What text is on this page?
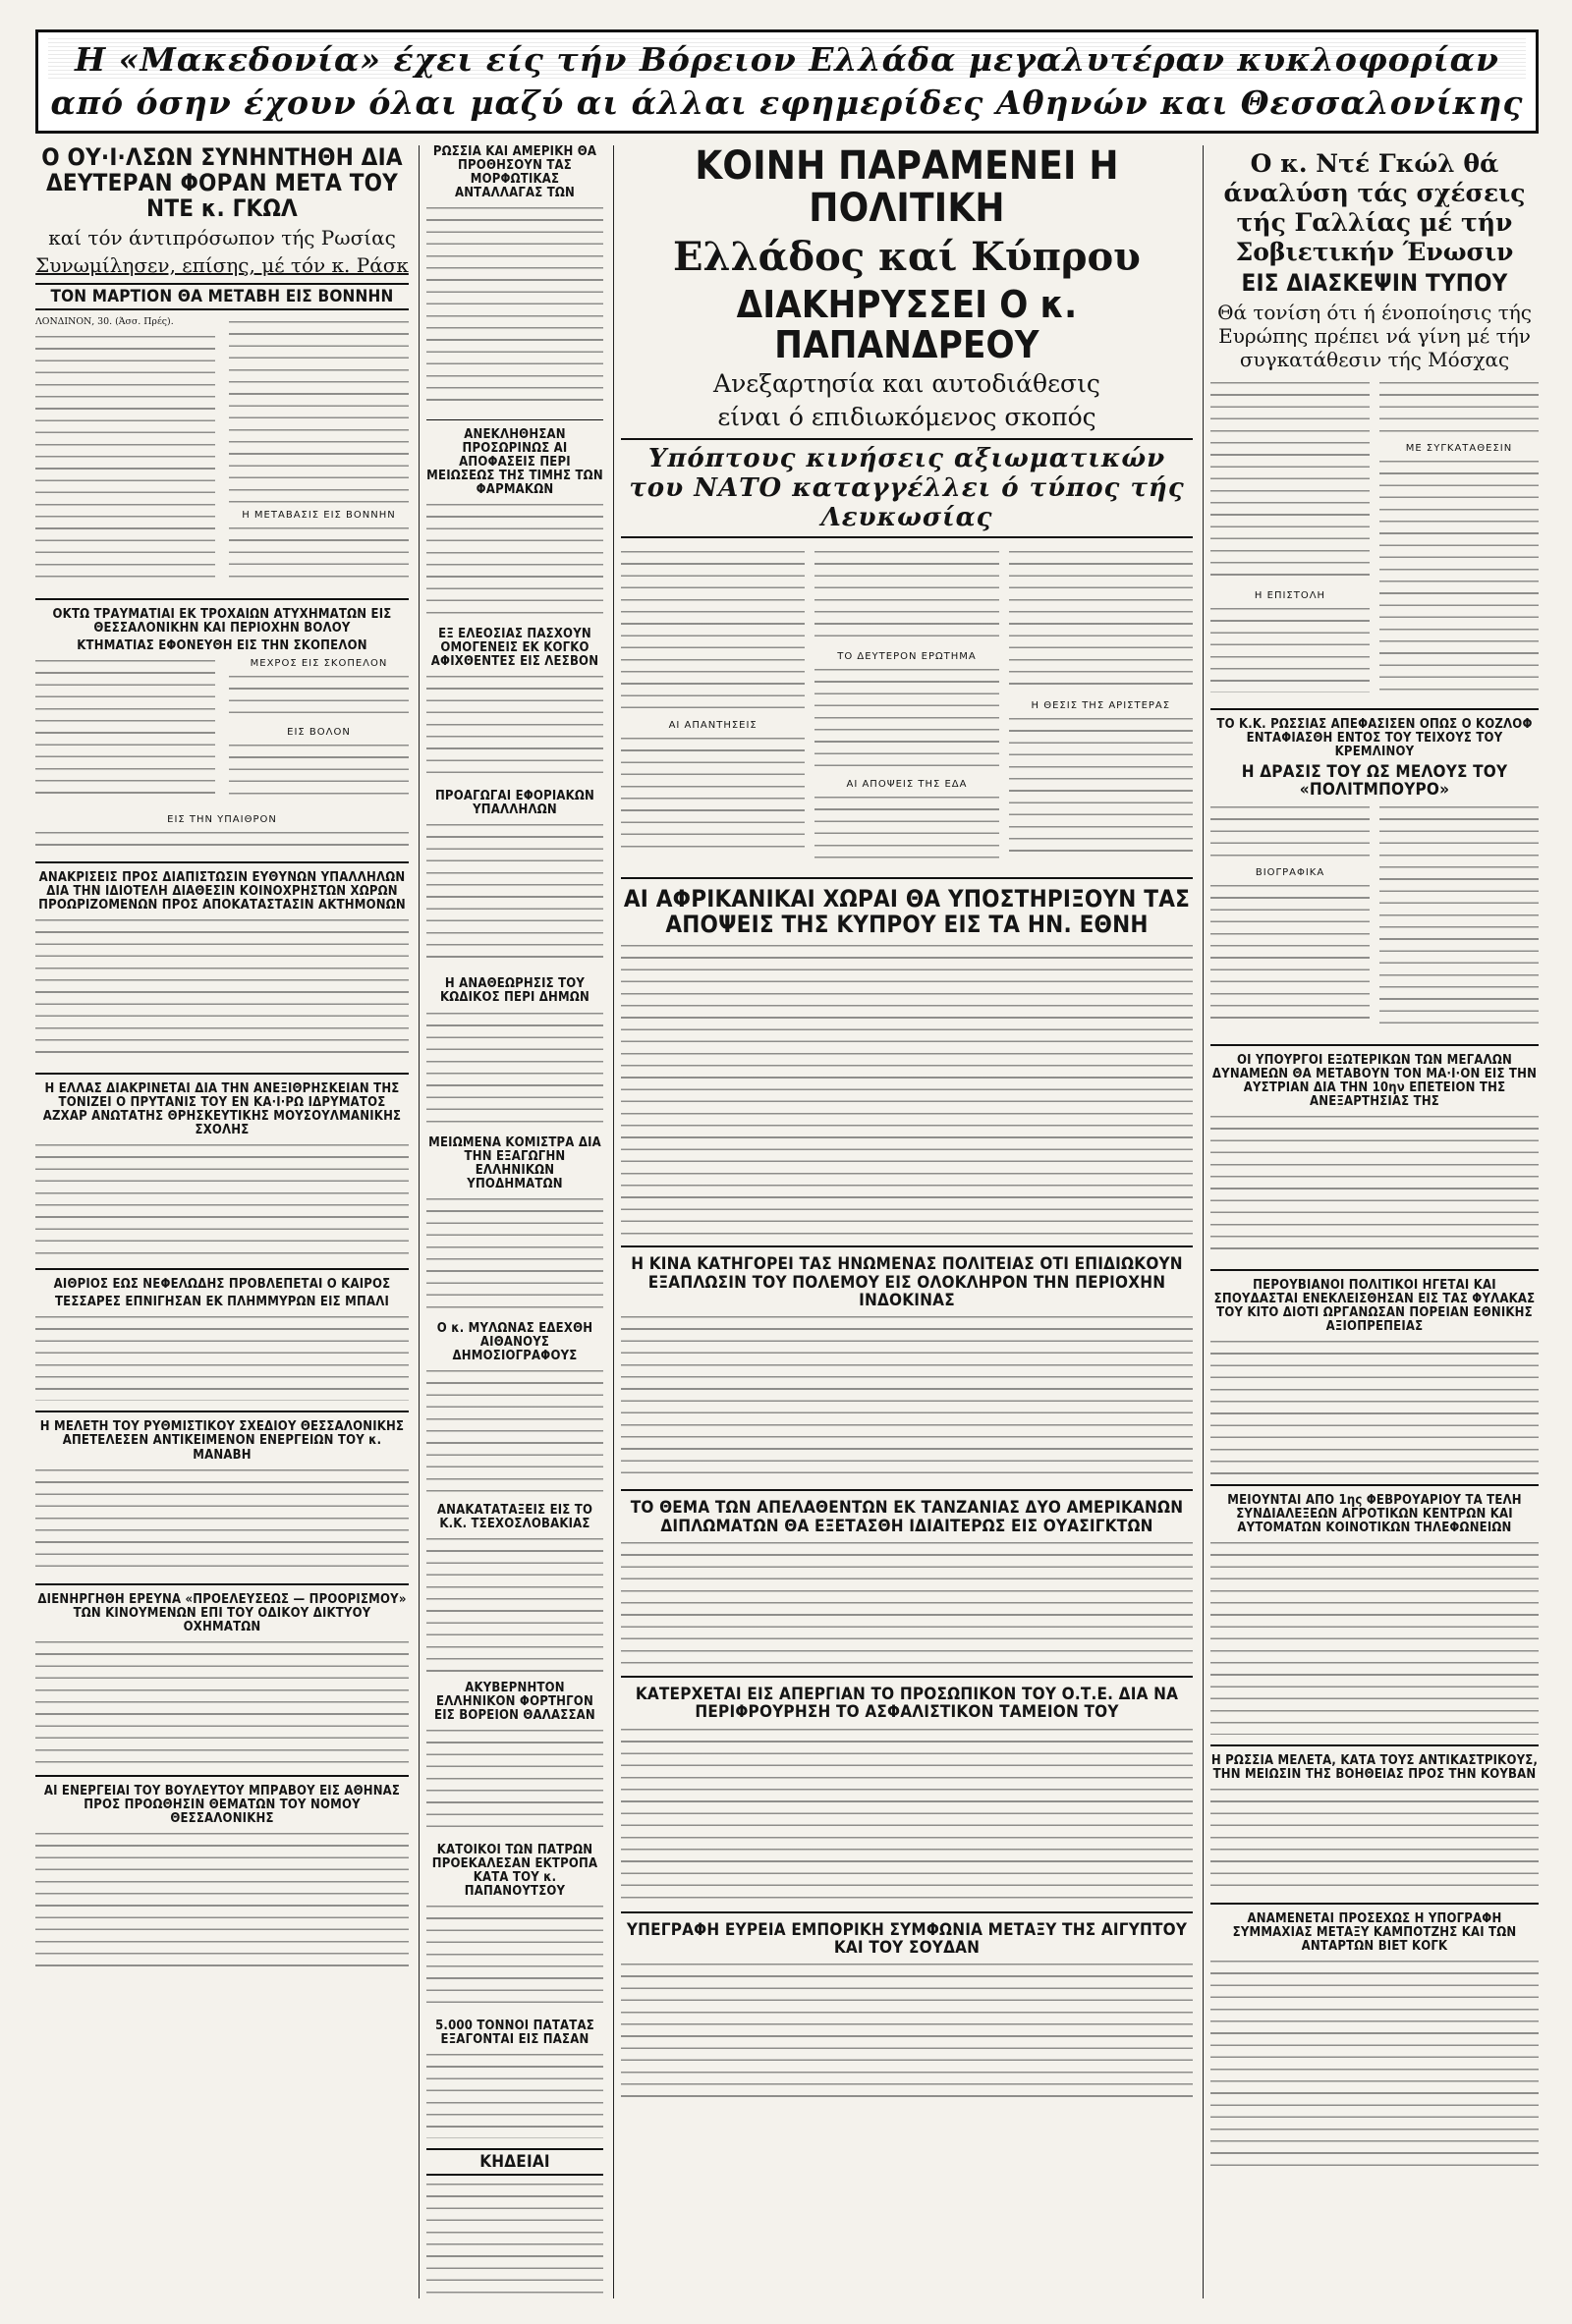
Η «Μακεδονία» έχει είς τήν Βόρειον Ελλάδα μεγαλυτέραν κυκλοφορίαν
από όσην έχουν όλαι μαζύ αι άλλαι εφημερίδες Αθηνών και Θεσσαλονίκης
Ο ΟΥ·Ι·ΛΣΩΝ ΣΥΝΗΝΤΗΘΗ ΔΙΑ ΔΕΥΤΕΡΑΝ ΦΟΡΑΝ ΜΕΤΑ ΤΟΥ ΝΤΕ κ. ΓΚΩΛ
καί τόν άντιπρόσωπον τής Ρωσίας
Συνωμίλησεν, επίσης, μέ τόν κ. Ράσκ
ΤΟΝ ΜΑΡΤΙΟΝ ΘΑ ΜΕΤΑΒΗ ΕΙΣ ΒΟΝΝΗΝ
ΛΟΝΔΙΝΟΝ, 30. (Άσσ. Πρές).
Η ΜΕΤΑΒΑΣΙΣ ΕΙΣ ΒΟΝΝΗΝ
ΟΚΤΩ ΤΡΑΥΜΑΤΙΑΙ ΕΚ ΤΡΟΧΑΙΩΝ ΑΤΥΧΗΜΑΤΩΝ ΕΙΣ ΘΕΣΣΑΛΟΝΙΚΗΝ ΚΑΙ ΠΕΡΙΟΧΗΝ ΒΟΛΟΥ
ΚΤΗΜΑΤΙΑΣ ΕΦΟΝΕΥΘΗ ΕΙΣ ΤΗΝ ΣΚΟΠΕΛΟΝ
ΜΕΧΡΟΣ ΕΙΣ ΣΚΟΠΕΛΟΝ
ΕΙΣ ΒΟΛΟΝ
ΕΙΣ ΤΗΝ ΥΠΑΙΘΡΟΝ
ΑΝΑΚΡΙΣΕΙΣ ΠΡΟΣ ΔΙΑΠΙΣΤΩΣΙΝ ΕΥΘΥΝΩΝ ΥΠΑΛΛΗΛΩΝ ΔΙΑ ΤΗΝ ΙΔΙΟΤΕΛΗ ΔΙΑΘΕΣΙΝ ΚΟΙΝΟΧΡΗΣΤΩΝ ΧΩΡΩΝ ΠΡΟΩΡΙΖΟΜΕΝΩΝ ΠΡΟΣ ΑΠΟΚΑΤΑΣΤΑΣΙΝ ΑΚΤΗΜΟΝΩΝ
Η ΕΛΛΑΣ ΔΙΑΚΡΙΝΕΤΑΙ ΔΙΑ ΤΗΝ ΑΝΕΞΙΘΡΗΣΚΕΙΑΝ ΤΗΣ ΤΟΝΙΖΕΙ Ο ΠΡΥΤΑΝΙΣ ΤΟΥ ΕΝ ΚΑ·Ι·ΡΩ ΙΔΡΥΜΑΤΟΣ ΑΖΧΑΡ ΑΝΩΤΑΤΗΣ ΘΡΗΣΚΕΥΤΙΚΗΣ ΜΟΥΣΟΥΛΜΑΝΙΚΗΣ ΣΧΟΛΗΣ
ΑΙΘΡΙΟΣ ΕΩΣ ΝΕΦΕΛΩΔΗΣ ΠΡΟΒΛΕΠΕΤΑΙ Ο ΚΑΙΡΟΣ
ΤΕΣΣΑΡΕΣ ΕΠΝΙΓΗΣΑΝ ΕΚ ΠΛΗΜΜΥΡΩΝ ΕΙΣ ΜΠΑΛΙ
Η ΜΕΛΕΤΗ ΤΟΥ ΡΥΘΜΙΣΤΙΚΟΥ ΣΧΕΔΙΟΥ ΘΕΣΣΑΛΟΝΙΚΗΣ ΑΠΕΤΕΛΕΣΕΝ ΑΝΤΙΚΕΙΜΕΝΟΝ ΕΝΕΡΓΕΙΩΝ ΤΟΥ κ. ΜΑΝΑΒΗ
ΔΙΕΝΗΡΓΗΘΗ ΕΡΕΥΝΑ «ΠΡΟΕΛΕΥΣΕΩΣ — ΠΡΟΟΡΙΣΜΟΥ» ΤΩΝ ΚΙΝΟΥΜΕΝΩΝ ΕΠΙ ΤΟΥ ΟΔΙΚΟΥ ΔΙΚΤΥΟΥ ΟΧΗΜΑΤΩΝ
ΑΙ ΕΝΕΡΓΕΙΑΙ ΤΟΥ ΒΟΥΛΕΥΤΟΥ ΜΠΡΑΒΟΥ ΕΙΣ ΑΘΗΝΑΣ ΠΡΟΣ ΠΡΟΩΘΗΣΙΝ ΘΕΜΑΤΩΝ ΤΟΥ ΝΟΜΟΥ ΘΕΣΣΑΛΟΝΙΚΗΣ
ΡΩΣΣΙΑ ΚΑΙ ΑΜΕΡΙΚΗ ΘΑ ΠΡΟΘΗΣΟΥΝ ΤΑΣ ΜΟΡΦΩΤΙΚΑΣ ΑΝΤΑΛΛΑΓΑΣ ΤΩΝ
ΑΝΕΚΛΗΘΗΣΑΝ ΠΡΟΣΩΡΙΝΩΣ ΑΙ ΑΠΟΦΑΣΕΙΣ ΠΕΡΙ ΜΕΙΩΣΕΩΣ ΤΗΣ ΤΙΜΗΣ ΤΩΝ ΦΑΡΜΑΚΩΝ
ΕΞ ΕΛΕΟΣΙΑΣ ΠΑΣΧΟΥΝ ΟΜΟΓΕΝΕΙΣ ΕΚ ΚΟΓΚΟ ΑΦΙΧΘΕΝΤΕΣ ΕΙΣ ΛΕΣΒΟΝ
ΠΡΟΑΓΩΓΑΙ ΕΦΟΡΙΑΚΩΝ ΥΠΑΛΛΗΛΩΝ
Η ΑΝΑΘΕΩΡΗΣΙΣ ΤΟΥ ΚΩΔΙΚΟΣ ΠΕΡΙ ΔΗΜΩΝ
ΜΕΙΩΜΕΝΑ ΚΟΜΙΣΤΡΑ ΔΙΑ ΤΗΝ ΕΞΑΓΩΓΗΝ ΕΛΛΗΝΙΚΩΝ ΥΠΟΔΗΜΑΤΩΝ
Ο κ. ΜΥΛΩΝΑΣ ΕΔΕΧΘΗ ΑΙΘΑΝΟΥΣ ΔΗΜΟΣΙΟΓΡΑΦΟΥΣ
ΑΝΑΚΑΤΑΤΑΞΕΙΣ ΕΙΣ ΤΟ Κ.Κ. ΤΣΕΧΟΣΛΟΒΑΚΙΑΣ
ΑΚΥΒΕΡΝΗΤΟΝ ΕΛΛΗΝΙΚΟΝ ΦΟΡΤΗΓΟΝ ΕΙΣ ΒΟΡΕΙΟΝ ΘΑΛΑΣΣΑΝ
ΚΑΤΟΙΚΟΙ ΤΩΝ ΠΑΤΡΩΝ ΠΡΟΕΚΑΛΕΣΑΝ ΕΚΤΡΟΠΑ ΚΑΤΑ ΤΟΥ κ. ΠΑΠΑΝΟΥΤΣΟΥ
5.000 ΤΟΝΝΟΙ ΠΑΤΑΤΑΣ ΕΞΑΓΟΝΤΑΙ ΕΙΣ ΠΑΣΑΝ
ΚΗΔΕΙΑΙ
ΚΟΙΝΗ ΠΑΡΑΜΕΝΕΙ Η ΠΟΛΙΤΙΚΗ
Ελλάδος καί Κύπρου
ΔΙΑΚΗΡΥΣΣΕΙ Ο κ. ΠΑΠΑΝΔΡΕΟΥ
Ανεξαρτησία και αυτοδιάθεσις
είναι ό επιδιωκόμενος σκοπός
Υπόπτους κινήσεις αξιωματικών του ΝΑΤΟ καταγγέλλει ό τύπος τής Λευκωσίας
ΑΙ ΑΠΑΝΤΗΣΕΙΣ
ΤΟ ΔΕΥΤΕΡΟΝ ΕΡΩΤΗΜΑ
ΑΙ ΑΠΟΨΕΙΣ ΤΗΣ ΕΔΑ
Η ΘΕΣΙΣ ΤΗΣ ΑΡΙΣΤΕΡΑΣ
ΑΙ ΑΦΡΙΚΑΝΙΚΑΙ ΧΩΡΑΙ ΘΑ ΥΠΟΣΤΗΡΙΞΟΥΝ ΤΑΣ ΑΠΟΨΕΙΣ ΤΗΣ ΚΥΠΡΟΥ ΕΙΣ ΤΑ ΗΝ. ΕΘΝΗ
Η ΚΙΝΑ ΚΑΤΗΓΟΡΕΙ ΤΑΣ ΗΝΩΜΕΝΑΣ ΠΟΛΙΤΕΙΑΣ ΟΤΙ ΕΠΙΔΙΩΚΟΥΝ ΕΞΑΠΛΩΣΙΝ ΤΟΥ ΠΟΛΕΜΟΥ ΕΙΣ ΟΛΟΚΛΗΡΟΝ ΤΗΝ ΠΕΡΙΟΧΗΝ ΙΝΔΟΚΙΝΑΣ
ΤΟ ΘΕΜΑ ΤΩΝ ΑΠΕΛΑΘΕΝΤΩΝ ΕΚ ΤΑΝΖΑΝΙΑΣ ΔΥΟ ΑΜΕΡΙΚΑΝΩΝ ΔΙΠΛΩΜΑΤΩΝ ΘΑ ΕΞΕΤΑΣΘΗ ΙΔΙΑΙΤΕΡΩΣ ΕΙΣ ΟΥΑΣΙΓΚΤΩΝ
ΚΑΤΕΡΧΕΤΑΙ ΕΙΣ ΑΠΕΡΓΙΑΝ ΤΟ ΠΡΟΣΩΠΙΚΟΝ ΤΟΥ Ο.Τ.Ε. ΔΙΑ ΝΑ ΠΕΡΙΦΡΟΥΡΗΣΗ ΤΟ ΑΣΦΑΛΙΣΤΙΚΟΝ ΤΑΜΕΙΟΝ ΤΟΥ
ΥΠΕΓΡΑΦΗ ΕΥΡΕΙΑ ΕΜΠΟΡΙΚΗ ΣΥΜΦΩΝΙΑ ΜΕΤΑΞΥ ΤΗΣ ΑΙΓΥΠΤΟΥ ΚΑΙ ΤΟΥ ΣΟΥΔΑΝ
Ο κ. Ντέ Γκώλ θά άναλύση τάς σχέσεις τής Γαλλίας μέ τήν Σοβιετικήν Ένωσιν
ΕΙΣ ΔΙΑΣΚΕΨΙΝ ΤΥΠΟΥ
Θά τονίση ότι ή ένοποίησις τής Ευρώπης πρέπει νά γίνη μέ τήν συγκατάθεσιν τής Μόσχας
Η ΕΠΙΣΤΟΛΗ
ΜΕ ΣΥΓΚΑΤΑΘΕΣΙΝ
ΤΟ Κ.Κ. ΡΩΣΣΙΑΣ ΑΠΕΦΑΣΙΣΕΝ ΟΠΩΣ Ο ΚΟΖΛΟΦ ΕΝΤΑΦΙΑΣΘΗ ΕΝΤΟΣ ΤΟΥ ΤΕΙΧΟΥΣ ΤΟΥ ΚΡΕΜΛΙΝΟΥ
Η ΔΡΑΣΙΣ ΤΟΥ ΩΣ ΜΕΛΟΥΣ ΤΟΥ «ΠΟΛΙΤΜΠΟΥΡΟ»
ΒΙΟΓΡΑΦΙΚΑ
ΟΙ ΥΠΟΥΡΓΟΙ ΕΞΩΤΕΡΙΚΩΝ ΤΩΝ ΜΕΓΑΛΩΝ ΔΥΝΑΜΕΩΝ ΘΑ ΜΕΤΑΒΟΥΝ ΤΟΝ ΜΑ·Ι·ΟΝ ΕΙΣ ΤΗΝ ΑΥΣΤΡΙΑΝ ΔΙΑ ΤΗΝ 10ην ΕΠΕΤΕΙΟΝ ΤΗΣ ΑΝΕΞΑΡΤΗΣΙΑΣ ΤΗΣ
ΠΕΡΟΥΒΙΑΝΟΙ ΠΟΛΙΤΙΚΟΙ ΗΓΕΤΑΙ ΚΑΙ ΣΠΟΥΔΑΣΤΑΙ ΕΝΕΚΛΕΙΣΘΗΣΑΝ ΕΙΣ ΤΑΣ ΦΥΛΑΚΑΣ ΤΟΥ ΚΙΤΟ ΔΙΟΤΙ ΩΡΓΑΝΩΣΑΝ ΠΟΡΕΙΑΝ ΕΘΝΙΚΗΣ ΑΞΙΟΠΡΕΠΕΙΑΣ
ΜΕΙΟΥΝΤΑΙ ΑΠΟ 1ης ΦΕΒΡΟΥΑΡΙΟΥ ΤΑ ΤΕΛΗ ΣΥΝΔΙΑΛΕΞΕΩΝ ΑΓΡΟΤΙΚΩΝ ΚΕΝΤΡΩΝ ΚΑΙ ΑΥΤΟΜΑΤΩΝ ΚΟΙΝΟΤΙΚΩΝ ΤΗΛΕΦΩΝΕΙΩΝ
Η ΡΩΣΣΙΑ ΜΕΛΕΤΑ, ΚΑΤΑ ΤΟΥΣ ΑΝΤΙΚΑΣΤΡΙΚΟΥΣ, ΤΗΝ ΜΕΙΩΣΙΝ ΤΗΣ ΒΟΗΘΕΙΑΣ ΠΡΟΣ ΤΗΝ ΚΟΥΒΑΝ
ΑΝΑΜΕΝΕΤΑΙ ΠΡΟΣΕΧΩΣ Η ΥΠΟΓΡΑΦΗ ΣΥΜΜΑΧΙΑΣ ΜΕΤΑΞΥ ΚΑΜΠΟΤΖΗΣ ΚΑΙ ΤΩΝ ΑΝΤΑΡΤΩΝ ΒΙΕΤ ΚΟΓΚ
